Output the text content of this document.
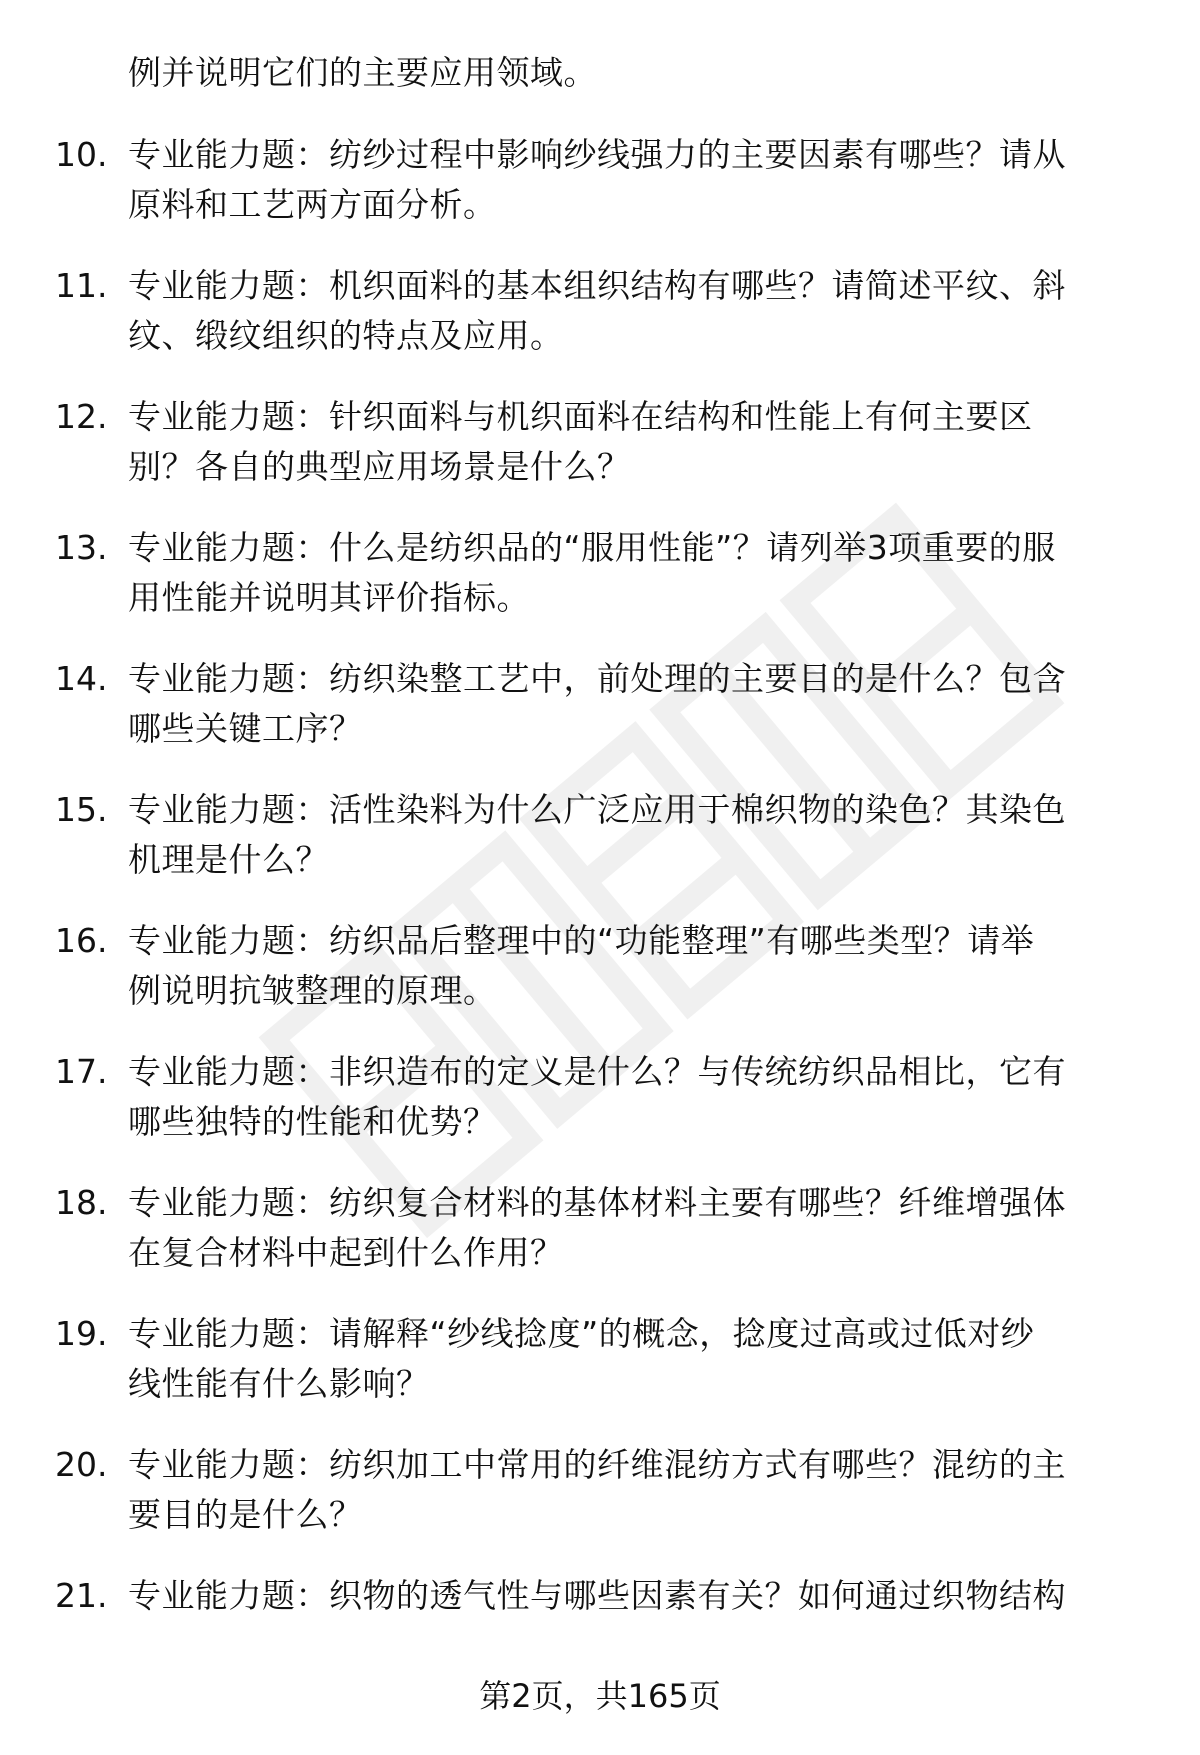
例并说明它们的主要应用领域。
10. 专业能力题：纺纱过程中影响纱线强力的主要因素有哪些？请从
原料和工艺两方面分析。
11. 专业能力题：机织面料的基本组织结构有哪些？请简述平纹、斜
纹、缎纹组织的特点及应用。
12. 专业能力题：针织面料与机织面料在结构和性能上有何主要区
别？各自的典型应用场景是什么？
13. 专业能力题：什么是纺织品的“服用性能”？请列举3项重要的服
用性能并说明其评价指标。
14. 专业能力题：纺织染整工艺中，前处理的主要目的是什么？包含
哪些关键工序？
15. 专业能力题：活性染料为什么广泛应用于棉织物的染色？其染色
机理是什么？
16. 专业能力题：纺织品后整理中的“功能整理”有哪些类型？请举
例说明抗皱整理的原理。
17. 专业能力题：非织造布的定义是什么？与传统纺织品相比，它有
哪些独特的性能和优势？
18. 专业能力题：纺织复合材料的基体材料主要有哪些？纤维增强体
在复合材料中起到什么作用？
19. 专业能力题：请解释“纱线捻度”的概念，捻度过高或过低对纱
线性能有什么影响？
20. 专业能力题：纺织加工中常用的纤维混纺方式有哪些？混纺的主
要目的是什么？
21. 专业能力题：织物的透气性与哪些因素有关？如何通过织物结构
第2页，共165页
